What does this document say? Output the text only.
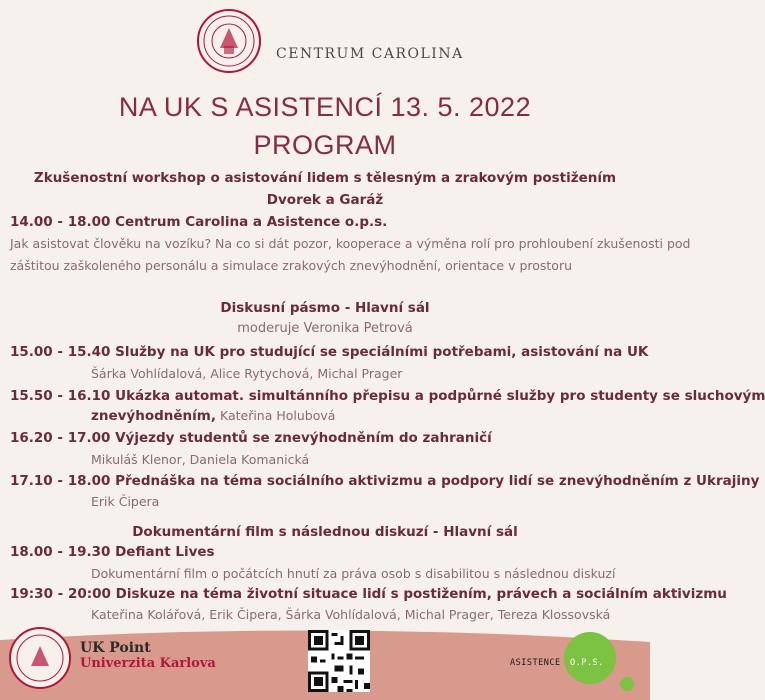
CENTRUM CAROLINA
NA UK S ASISTENCÍ 13. 5. 2022
PROGRAM
Zkušenostní workshop o asistování lidem s tělesným a zrakovým postižením
Dvorek a Garáž
14.00 - 18.00 Centrum Carolina a Asistence o.p.s.
Jak asistovat člověku na vozíku? Na co si dát pozor, kooperace a výměna rolí pro prohloubení zkušenosti pod
záštitou zaškoleného personálu a simulace zrakových znevýhodnění, orientace v prostoru
Diskusní pásmo - Hlavní sál
moderuje Veronika Petrová
15.00 - 15.40 Služby na UK pro studující se speciálními potřebami, asistování na UK
Šárka Vohlídalová, Alice Rytychová, Michal Prager
15.50 - 16.10 Ukázka automat. simultánního přepisu a podpůrné služby pro studenty se sluchovým
znevýhodněním, Kateřina Holubová
16.20 - 17.00 Výjezdy studentů se znevýhodněním do zahraničí
Mikuláš Klenor, Daniela Komanická
17.10 - 18.00 Přednáška na téma sociálního aktivizmu a podpory lidí se znevýhodněním z Ukrajiny
Erik Čipera
Dokumentární film s následnou diskuzí - Hlavní sál
18.00 - 19.30 Defiant Lives
Dokumentární film o počátcích hnutí za práva osob s disabilitou s následnou diskuzí
19:30 - 20:00 Diskuze na téma životní situace lidí s postižením, právech a sociálním aktivizmu
Kateřina Kolářová, Erik Čipera, Šárka Vohlídalová, Michal Prager, Tereza Klossovská
UK Point
Univerzita Karlova	ASISTENCE O.P.S.
